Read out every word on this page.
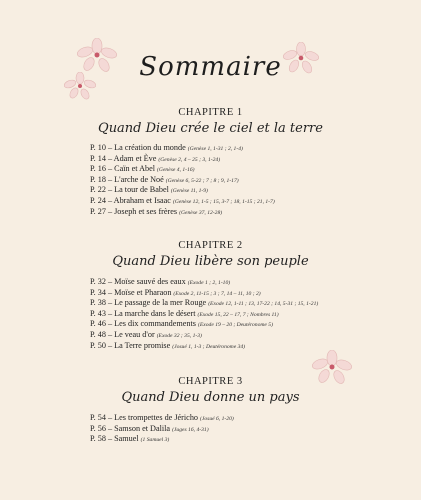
Sommaire
CHAPITRE 1
Quand Dieu crée le ciel et la terre
P. 10 – La création du monde (Genèse 1, 1-31 ; 2, 1-4)
P. 14 – Adam et Ève (Genèse 2, 4 – 25 ; 3, 1-24)
P. 16 – Caïn et Abel (Genèse 4, 1-16)
P. 18 – L'arche de Noé (Genèse 6, 5-22 ; 7 ; 8 ; 9, 1-17)
P. 22 – La tour de Babel (Genèse 11, 1-9)
P. 24 – Abraham et Isaac (Genèse 12, 1-5 ; 15, 3-7 ; 18, 1-15 ; 21, 1-7)
P. 27 – Joseph et ses frères (Genèse 37, 12-28)
CHAPITRE 2
Quand Dieu libère son peuple
P. 32 – Moïse sauvé des eaux (Exode 1 ; 2, 1-10)
P. 34 – Moïse et Pharaon (Exode 2, 11-15 ; 3 ; 7, 14 – 11, 10 ; 2)
P. 38 – Le passage de la mer Rouge (Exode 12, 1-11 ; 13, 17-22 ; 14, 5-31 ; 15, 1-21)
P. 43 – La marche dans le désert (Exode 15, 22 – 17, 7 ; Nombres 11)
P. 46 – Les dix commandements (Exode 19 – 20 ; Deutéronome 5)
P. 48 – Le veau d'or (Exode 32 ; 35, 1-3)
P. 50 – La Terre promise (Josué 1, 1-3 ; Deutéronome 34)
CHAPITRE 3
Quand Dieu donne un pays
P. 54 – Les trompettes de Jéricho (Josué 6, 1-20)
P. 56 – Samson et Dalila (Juges 16, 4-31)
P. 58 – Samuel (1 Samuel 3)
